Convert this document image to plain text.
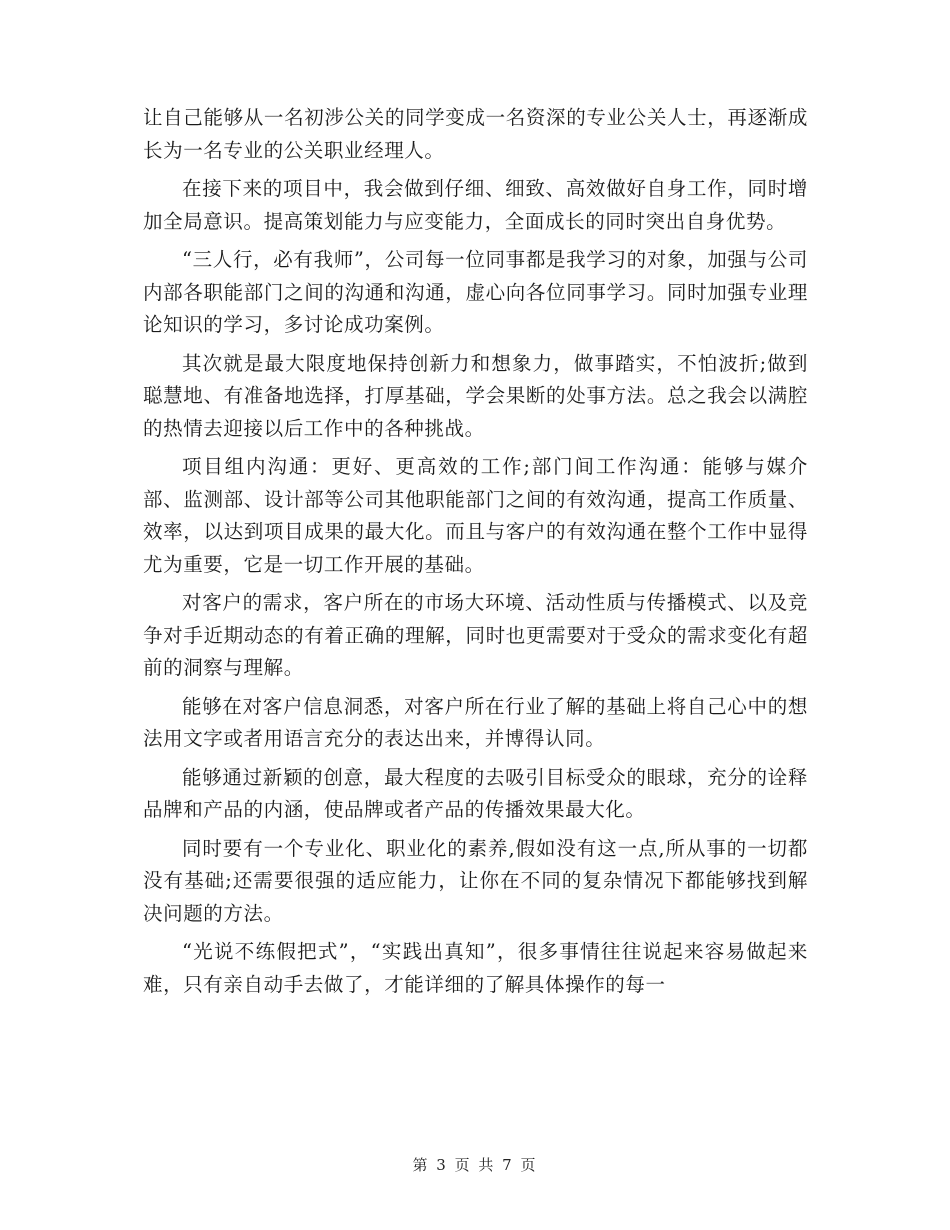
让自己能够从一名初涉公关的同学变成一名资深的专业公关人士，再逐渐成长为一名专业的公关职业经理人。

在接下来的项目中，我会做到仔细、细致、高效做好自身工作，同时增加全局意识。提高策划能力与应变能力，全面成长的同时突出自身优势。

“三人行，必有我师”，公司每一位同事都是我学习的对象，加强与公司内部各职能部门之间的沟通和沟通，虚心向各位同事学习。同时加强专业理论知识的学习，多讨论成功案例。

其次就是最大限度地保持创新力和想象力，做事踏实，不怕波折;做到聪慧地、有准备地选择，打厚基础，学会果断的处事方法。总之我会以满腔的热情去迎接以后工作中的各种挑战。

项目组内沟通：更好、更高效的工作;部门间工作沟通：能够与媒介部、监测部、设计部等公司其他职能部门之间的有效沟通，提高工作质量、效率，以达到项目成果的最大化。而且与客户的有效沟通在整个工作中显得尤为重要，它是一切工作开展的基础。

对客户的需求，客户所在的市场大环境、活动性质与传播模式、以及竞争对手近期动态的有着正确的理解，同时也更需要对于受众的需求变化有超前的洞察与理解。

能够在对客户信息洞悉，对客户所在行业了解的基础上将自己心中的想法用文字或者用语言充分的表达出来，并博得认同。

能够通过新颖的创意，最大程度的去吸引目标受众的眼球，充分的诠释品牌和产品的内涵，使品牌或者产品的传播效果最大化。

同时要有一个专业化、职业化的素养,假如没有这一点,所从事的一切都没有基础;还需要很强的适应能力，让你在不同的复杂情况下都能够找到解决问题的方法。

“光说不练假把式”，“实践出真知”，很多事情往往说起来容易做起来难，只有亲自动手去做了，才能详细的了解具体操作的每一

第 3 页 共 7 页
